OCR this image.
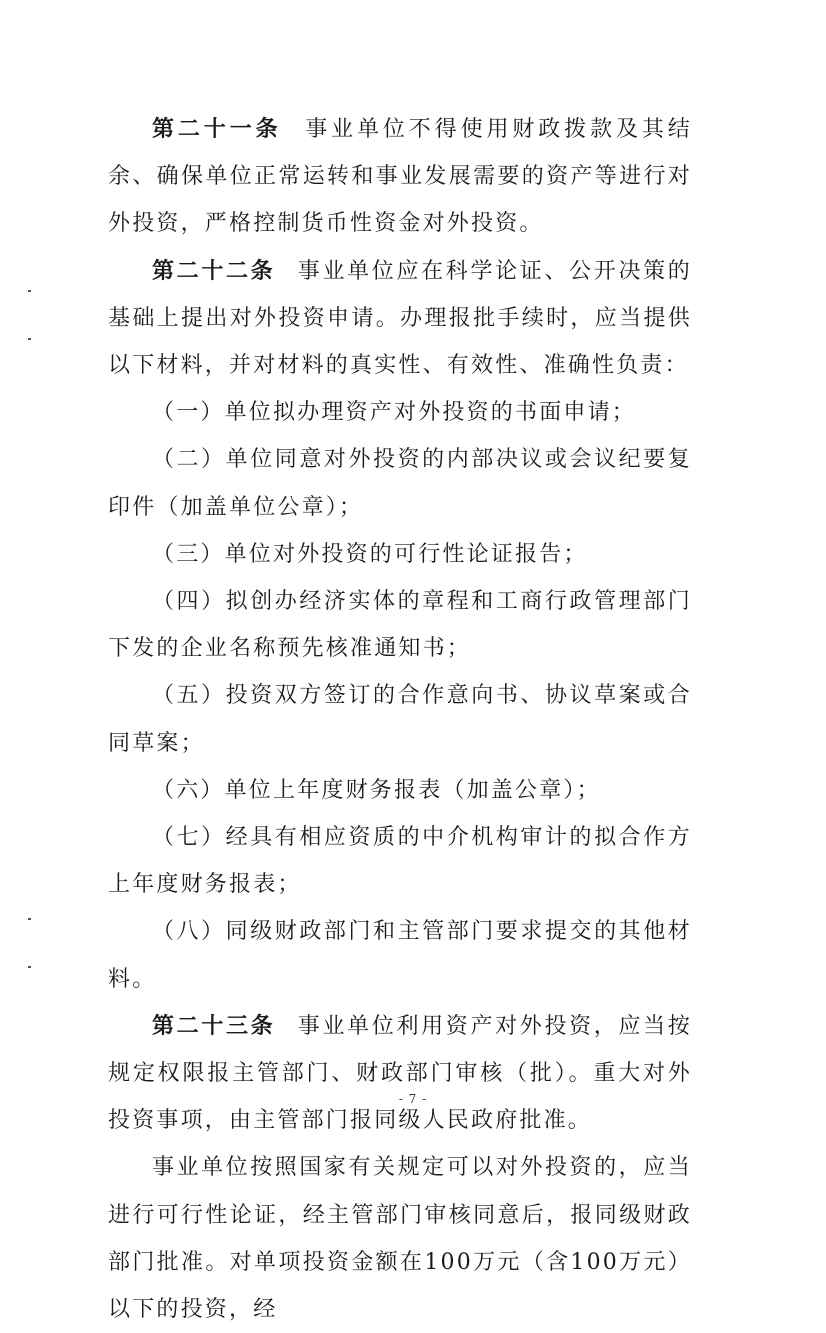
第二十一条 事业单位不得使用财政拨款及其结余、确保单位正常运转和事业发展需要的资产等进行对外投资，严格控制货币性资金对外投资。

第二十二条 事业单位应在科学论证、公开决策的基础上提出对外投资申请。办理报批手续时，应当提供以下材料，并对材料的真实性、有效性、准确性负责：

（一）单位拟办理资产对外投资的书面申请；

（二）单位同意对外投资的内部决议或会议纪要复印件（加盖单位公章）；

（三）单位对外投资的可行性论证报告；

（四）拟创办经济实体的章程和工商行政管理部门下发的企业名称预先核准通知书；

（五）投资双方签订的合作意向书、协议草案或合同草案；

（六）单位上年度财务报表（加盖公章）；

（七）经具有相应资质的中介机构审计的拟合作方上年度财务报表；

（八）同级财政部门和主管部门要求提交的其他材料。

第二十三条 事业单位利用资产对外投资，应当按规定权限报主管部门、财政部门审核（批）。重大对外投资事项，由主管部门报同级人民政府批准。

事业单位按照国家有关规定可以对外投资的，应当进行可行性论证，经主管部门审核同意后，报同级财政部门批准。对单项投资金额在100万元（含100万元）以下的投资，经

- 7 -
